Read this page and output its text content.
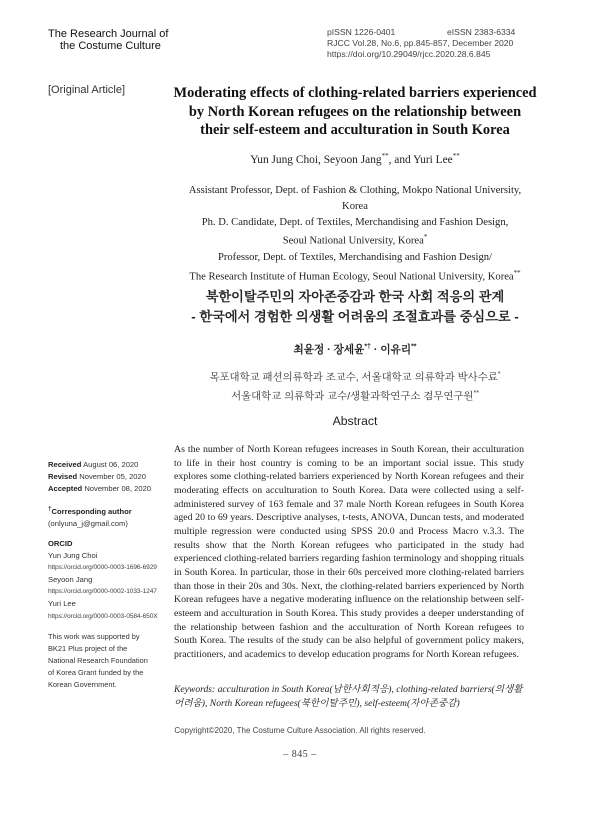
The Research Journal of

the Costume Culture
pISSN 1226-0401	eISSN 2383-6334
RJCC Vol.28, No.6, pp.845-857, December 2020
https://doi.org/10.29049/rjcc.2020.28.6.845
[Original Article]	Moderating effects of clothing-related barriers experienced
by North Korean refugees on the relationship between
their self-esteem and acculturation in South Korea
Yun Jung Choi, Seyoon Jang**, and Yuri Lee**
Assistant Professor, Dept. of Fashion & Clothing, Mokpo National University,
Korea
Ph. D. Candidate, Dept. of Textiles, Merchandising and Fashion Design,
Seoul National University, Korea*
Professor, Dept. of Textiles, Merchandising and Fashion Design/
The Research Institute of Human Ecology, Seoul National University, Korea**
북한이탈주민의 자아존중감과 한국 사회 적응의 관계
- 한국에서 경험한 의생활 어려움의 조절효과를 중심으로 -
최윤정 · 장세윤*† · 이유리**
목포대학교 패션의류학과 조교수, 서울대학교 의류학과 박사수료*
서울대학교 의류학과 교수/생활과학연구소 겸무연구원**
Abstract
As the number of North Korean refugees increases in South Korean, their acculturation to life in their host country is coming to be an important social issue. This study explores some clothing-related barriers experienced by North Korean refugees and their moderating effects on acculturation to South Korea. Data were collected using a self-administered survey of 163 female and 37 male North Korean refugees in South Korea aged 20 to 69 years. Descriptive analyses, t-tests, ANOVA, Duncan tests, and moderated multiple regression were conducted using SPSS 20.0 and Process Macro v.3.3. The results show that the North Korean refugees who participated in the study had experienced clothing-related barriers regarding fashion terminology and shopping rituals in South Korea. In particular, those in their 60s perceived more clothing-related barriers than those in their 20s and 30s. Next, the clothing-related barriers experienced by North Korean refugees have a negative moderating influence on the relationship between self-esteem and acculturation in South Korea. This study provides a deeper understanding of the relationship between fashion and the acculturation of North Korean refugees to South Korea. The results of the study can be also helpful of government policy makers, practitioners, and academics to develop education programs for North Korean refugees.
Keywords: acculturation in South Korea(남한사회적응), clothing-related barriers(의생활 어려움), North Korean refugees(북한이탈주민), self-esteem(자아존중감)
Received August 06, 2020
Revised November 05, 2020
Accepted November 08, 2020
†Corresponding author
(onlyuna_j@gmail.com)
ORCID
Yun Jung Choi
https://orcid.org/0000-0003-1696-6929
Seyoon Jang
https://orcid.org/0000-0002-1033-1247
Yuri Lee
https://orcid.org/0000-0003-0584-650X
This work was supported by
BK21 Plus project of the
National Research Foundation
of Korea Grant funded by the
Korean Government.
Copyright©2020, The Costume Culture Association. All rights reserved.
– 845 –
